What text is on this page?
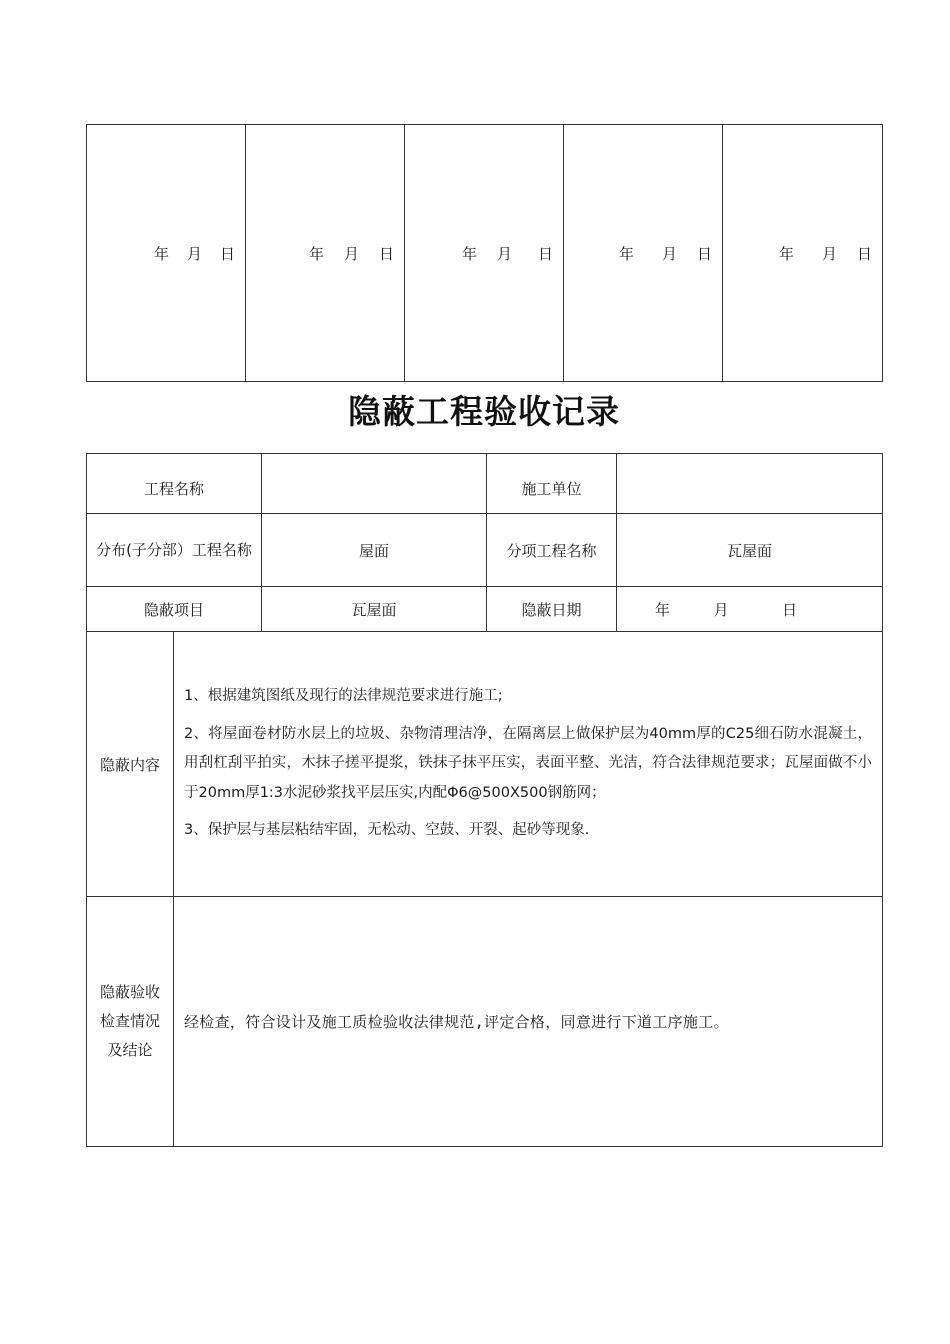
年 月 日	年 月 日	年 月 日	年 月 日	年 月 日
隐蔽工程验收记录
工程名称			施工单位	

分布(子分部）工程名称		屋面	分项工程名称	瓦屋面
隐蔽项目		瓦屋面	隐蔽日期	年 月 日

隐蔽内容	1、根据建筑图纸及现行的法律规范要求进行施工;

2、将屋面卷材防水层上的垃圾、杂物清理洁净，在隔离层上做保护层为40mm厚的C25细石防水混凝土，用刮杠刮平拍实，木抹子搓平提浆，铁抹子抹平压实，表面平整、光洁，符合法律规范要求；瓦屋面做不小于20mm厚1:3水泥砂浆找平层压实,内配Φ6@500X500钢筋网；

3、保护层与基层粘结牢固，无松动、空鼓、开裂、起砂等现象.			

隐蔽验收
检查情况
及结论	经检查，符合设计及施工质检验收法律规范,评定合格，同意进行下道工序施工。			
